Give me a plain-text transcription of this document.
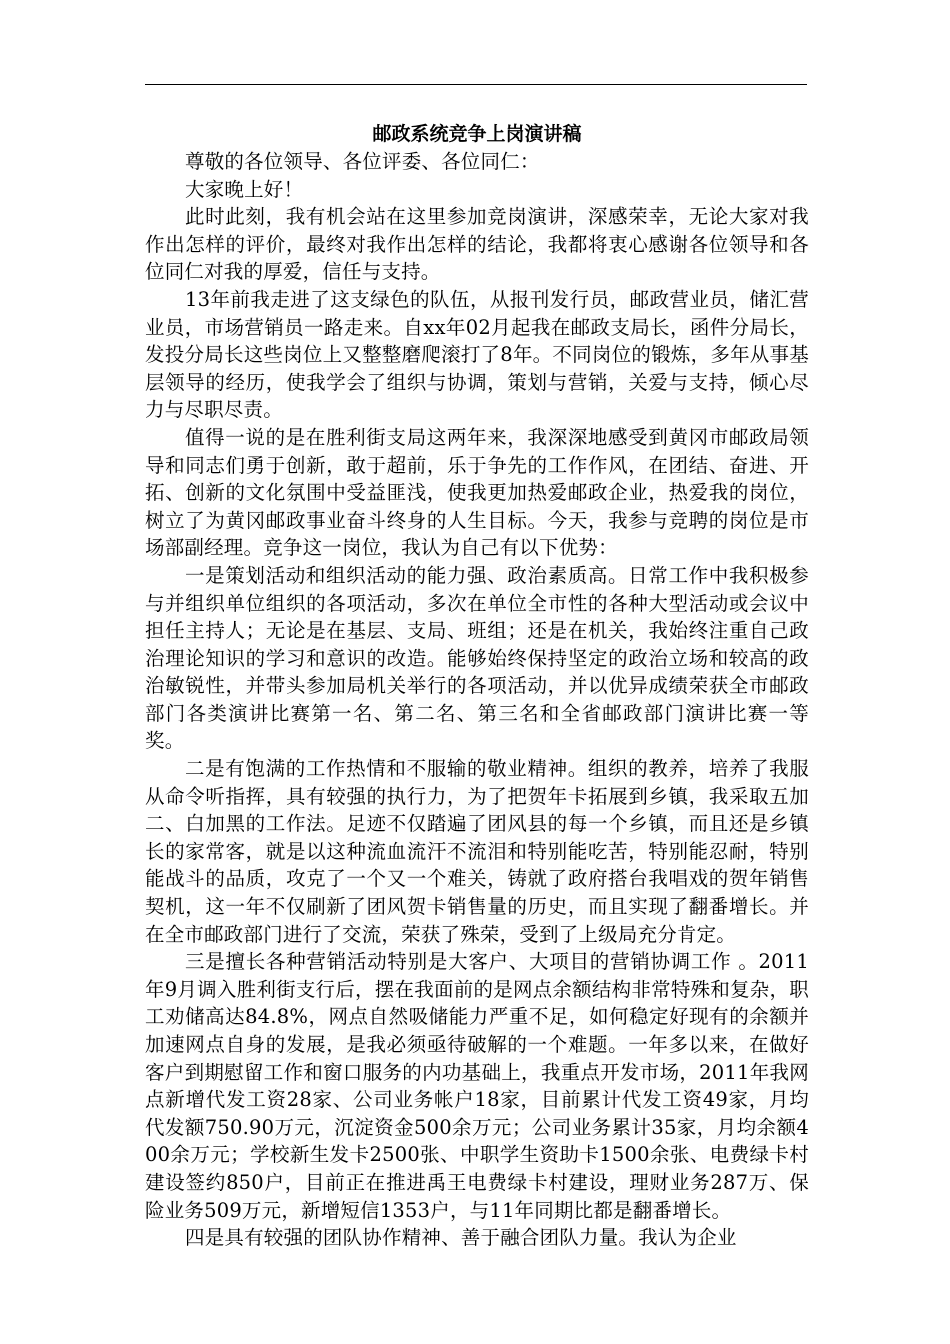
邮政系统竞争上岗演讲稿

尊敬的各位领导、各位评委、各位同仁：

大家晚上好！

此时此刻，我有机会站在这里参加竞岗演讲，深感荣幸，无论大家对我作出怎样的评价，最终对我作出怎样的结论，我都将衷心感谢各位领导和各位同仁对我的厚爱，信任与支持。

13年前我走进了这支绿色的队伍，从报刊发行员，邮政营业员，储汇营业员，市场营销员一路走来。自xx年02月起我在邮政支局长，函件分局长，发投分局长这些岗位上又整整磨爬滚打了8年。不同岗位的锻炼，多年从事基层领导的经历，使我学会了组织与协调，策划与营销，关爱与支持，倾心尽力与尽职尽责。

值得一说的是在胜利街支局这两年来，我深深地感受到黄冈市邮政局领导和同志们勇于创新，敢于超前，乐于争先的工作作风，在团结、奋进、开拓、创新的文化氛围中受益匪浅，使我更加热爱邮政企业，热爱我的岗位，树立了为黄冈邮政事业奋斗终身的人生目标。今天，我参与竞聘的岗位是市场部副经理。竞争这一岗位，我认为自己有以下优势：

一是策划活动和组织活动的能力强、政治素质高。日常工作中我积极参与并组织单位组织的各项活动，多次在单位全市性的各种大型活动或会议中担任主持人；无论是在基层、支局、班组；还是在机关，我始终注重自己政治理论知识的学习和意识的改造。能够始终保持坚定的政治立场和较高的政治敏锐性，并带头参加局机关举行的各项活动，并以优异成绩荣获全市邮政部门各类演讲比赛第一名、第二名、第三名和全省邮政部门演讲比赛一等奖。

二是有饱满的工作热情和不服输的敬业精神。组织的教养，培养了我服从命令听指挥，具有较强的执行力，为了把贺年卡拓展到乡镇，我采取五加二、白加黑的工作法。足迹不仅踏遍了团风县的每一个乡镇，而且还是乡镇长的家常客，就是以这种流血流汗不流泪和特别能吃苦，特别能忍耐，特别能战斗的品质，攻克了一个又一个难关，铸就了政府搭台我唱戏的贺年销售契机，这一年不仅刷新了团风贺卡销售量的历史，而且实现了翻番增长。并在全市邮政部门进行了交流，荣获了殊荣，受到了上级局充分肯定。

三是擅长各种营销活动特别是大客户、大项目的营销协调工作 。2011年9月调入胜利街支行后，摆在我面前的是网点余额结构非常特殊和复杂，职工劝储高达84.8%，网点自然吸储能力严重不足，如何稳定好现有的余额并加速网点自身的发展，是我必须亟待破解的一个难题。一年多以来，在做好客户到期慰留工作和窗口服务的内功基础上，我重点开发市场，2011年我网点新增代发工资28家、公司业务帐户18家，目前累计代发工资49家，月均代发额750.90万元，沉淀资金500余万元；公司业务累计35家，月均余额400余万元；学校新生发卡2500张、中职学生资助卡1500余张、电费绿卡村建设签约850户，目前正在推进禹王电费绿卡村建设，理财业务287万、保险业务509万元，新增短信1353户，与11年同期比都是翻番增长。

四是具有较强的团队协作精神、善于融合团队力量。我认为企业
